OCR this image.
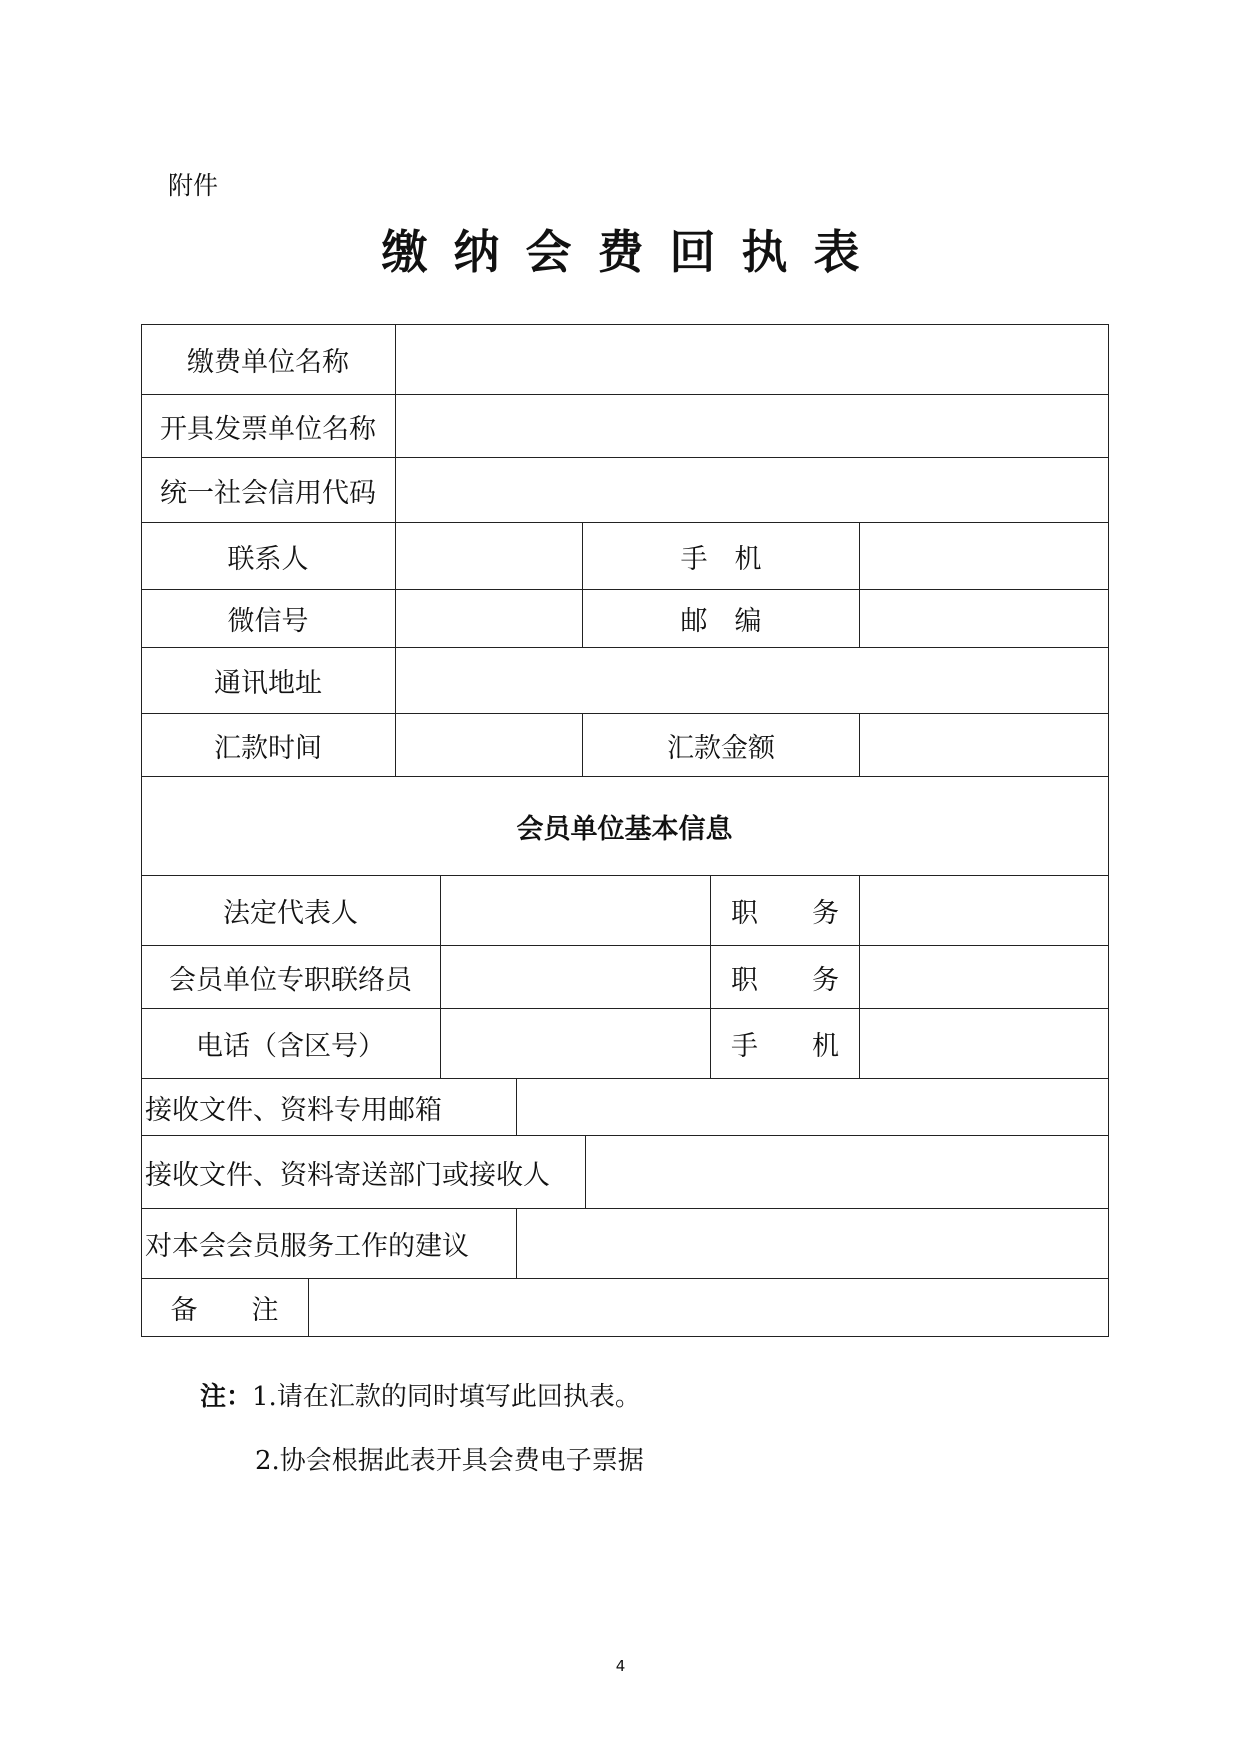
附件
缴纳会费回执表
缴费单位名称
开具发票单位名称
统一社会信用代码
联系人	手　机
微信号	邮　编
通讯地址
汇款时间	汇款金额
会员单位基本信息
法定代表人	职　　务
会员单位专职联络员	职　　务
电话（含区号）	手　　机
接收文件、资料专用邮箱
接收文件、资料寄送部门或接收人
对本会会员服务工作的建议
备　　注
注：1.请在汇款的同时填写此回执表。
2.协会根据此表开具会费电子票据
4
